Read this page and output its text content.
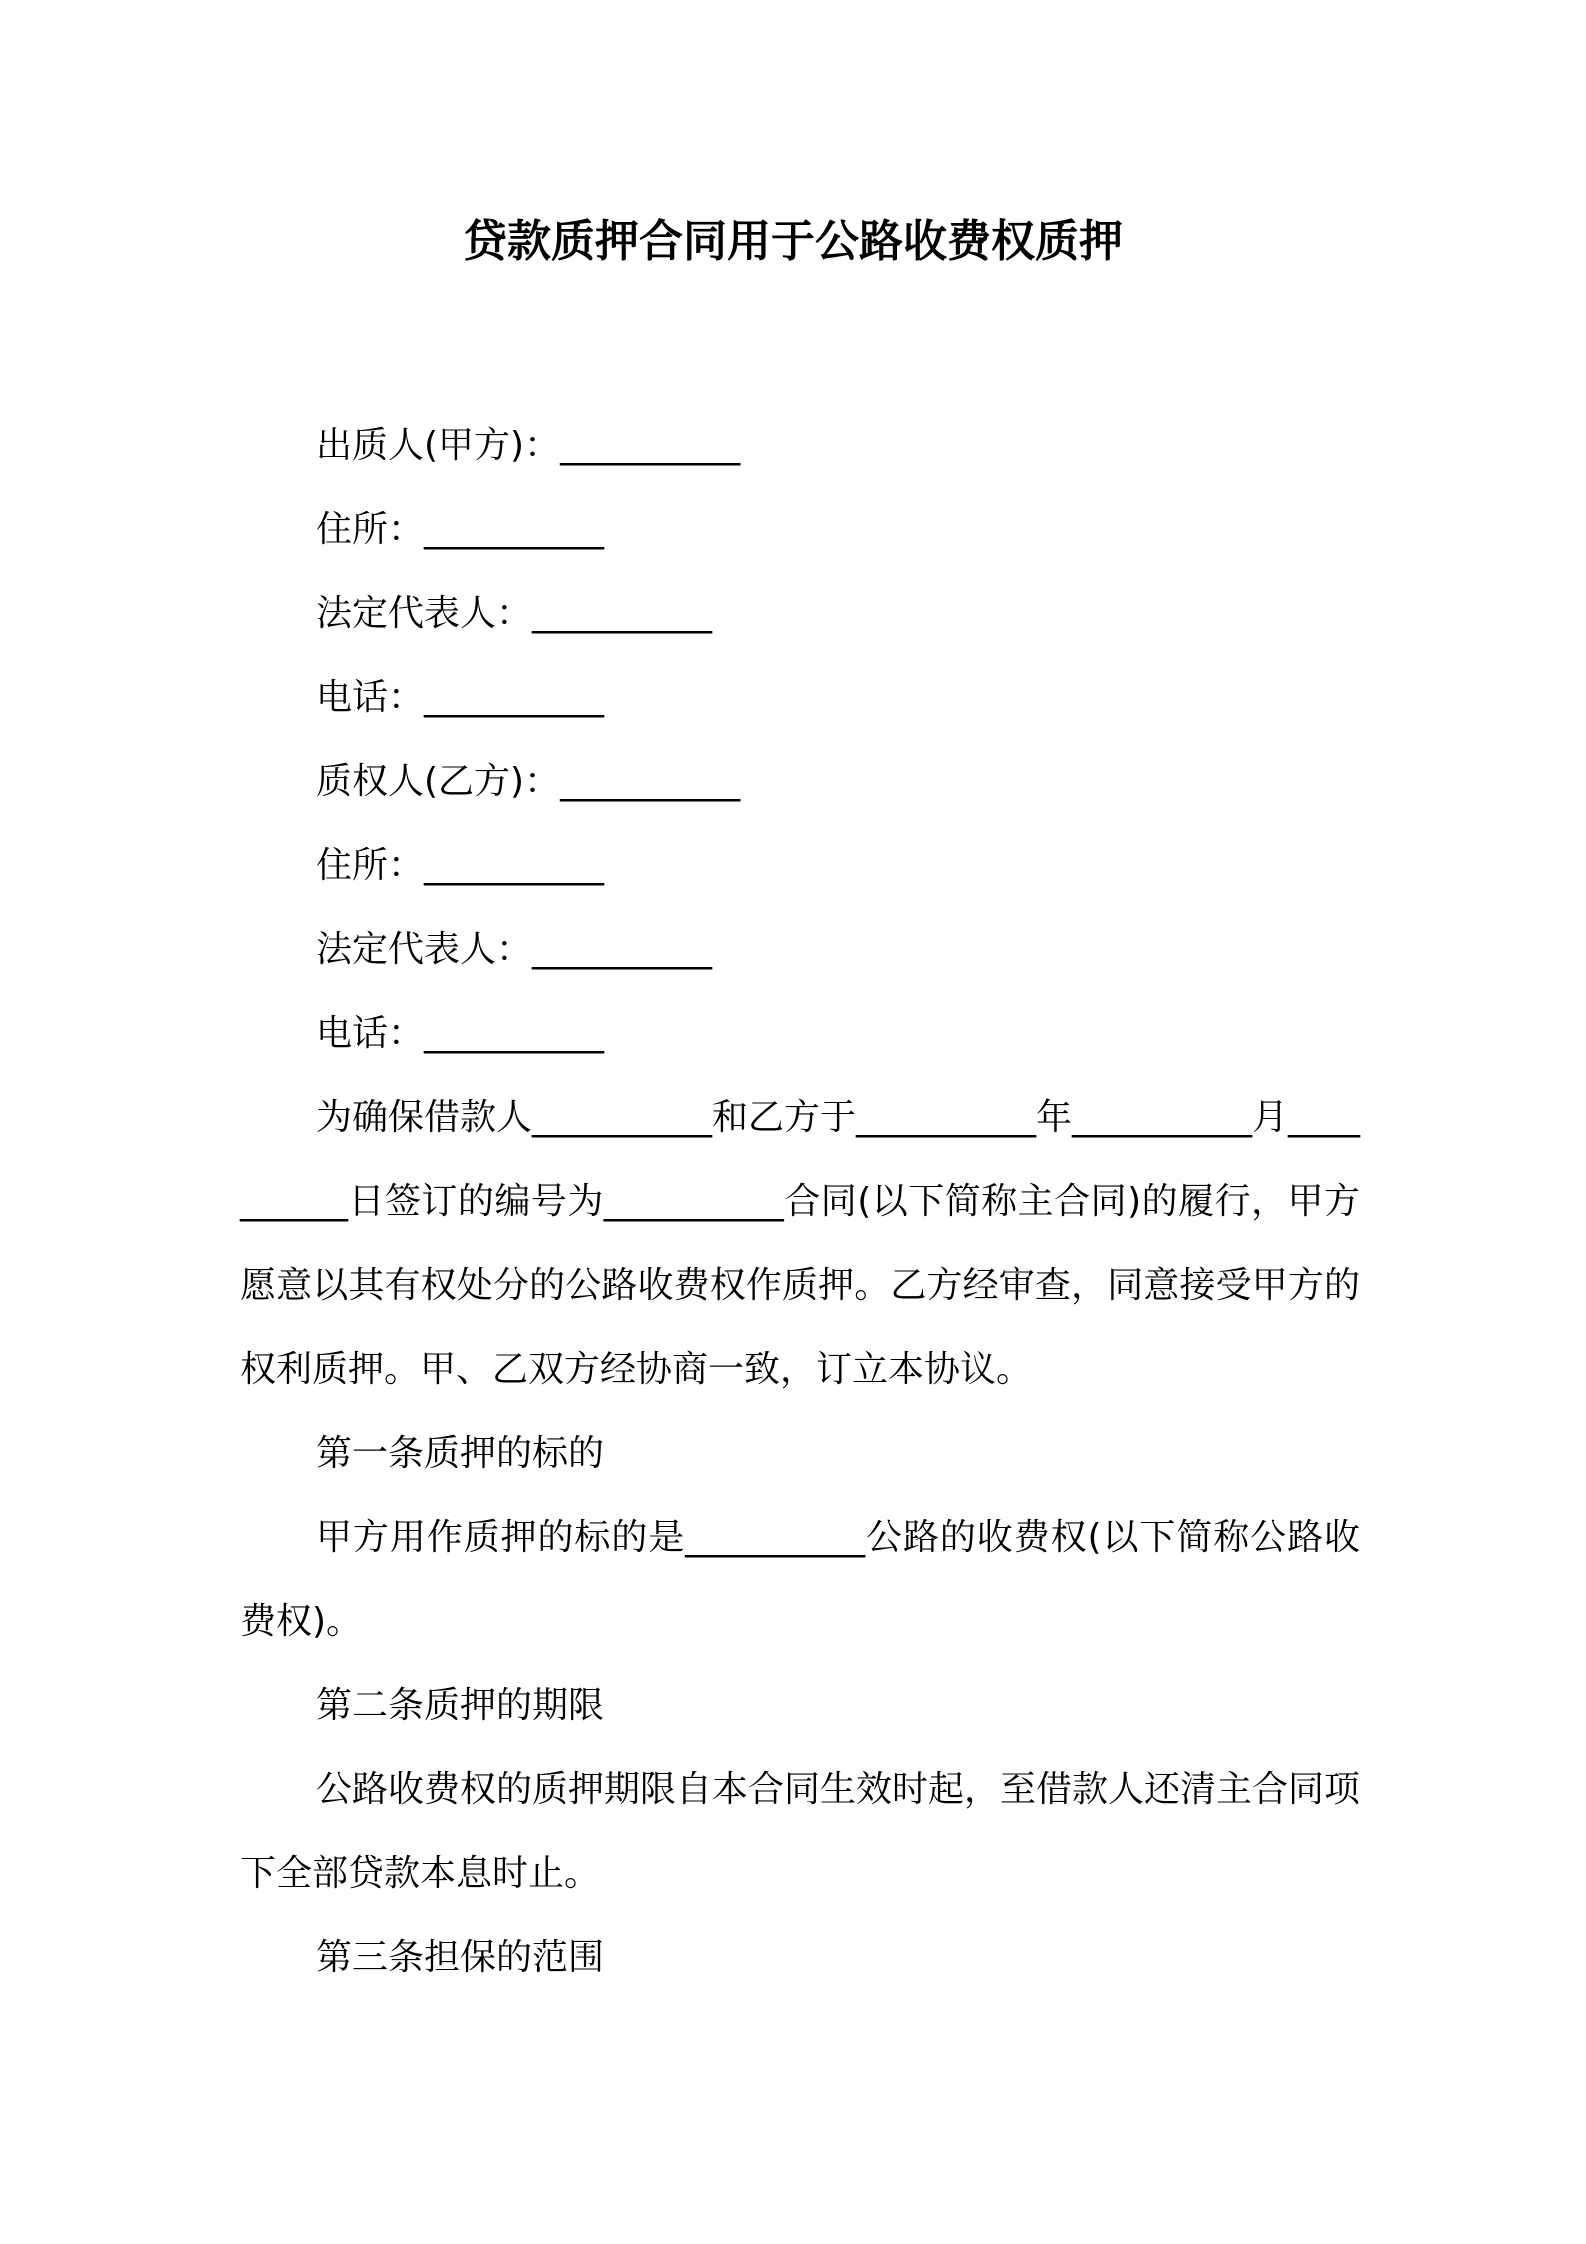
贷款质押合同用于公路收费权质押

出质人(甲方)：__________

住所：__________

法定代表人：__________

电话：__________

质权人(乙方)：__________

住所：__________

法定代表人：__________

电话：__________

为确保借款人__________和乙方于__________年__________月__________日签订的编号为__________合同(以下简称主合同)的履行，甲方愿意以其有权处分的公路收费权作质押。乙方经审查，同意接受甲方的权利质押。甲、乙双方经协商一致，订立本协议。

第一条质押的标的

甲方用作质押的标的是__________公路的收费权(以下简称公路收费权)。

第二条质押的期限

公路收费权的质押期限自本合同生效时起，至借款人还清主合同项下全部贷款本息时止。

第三条担保的范围
